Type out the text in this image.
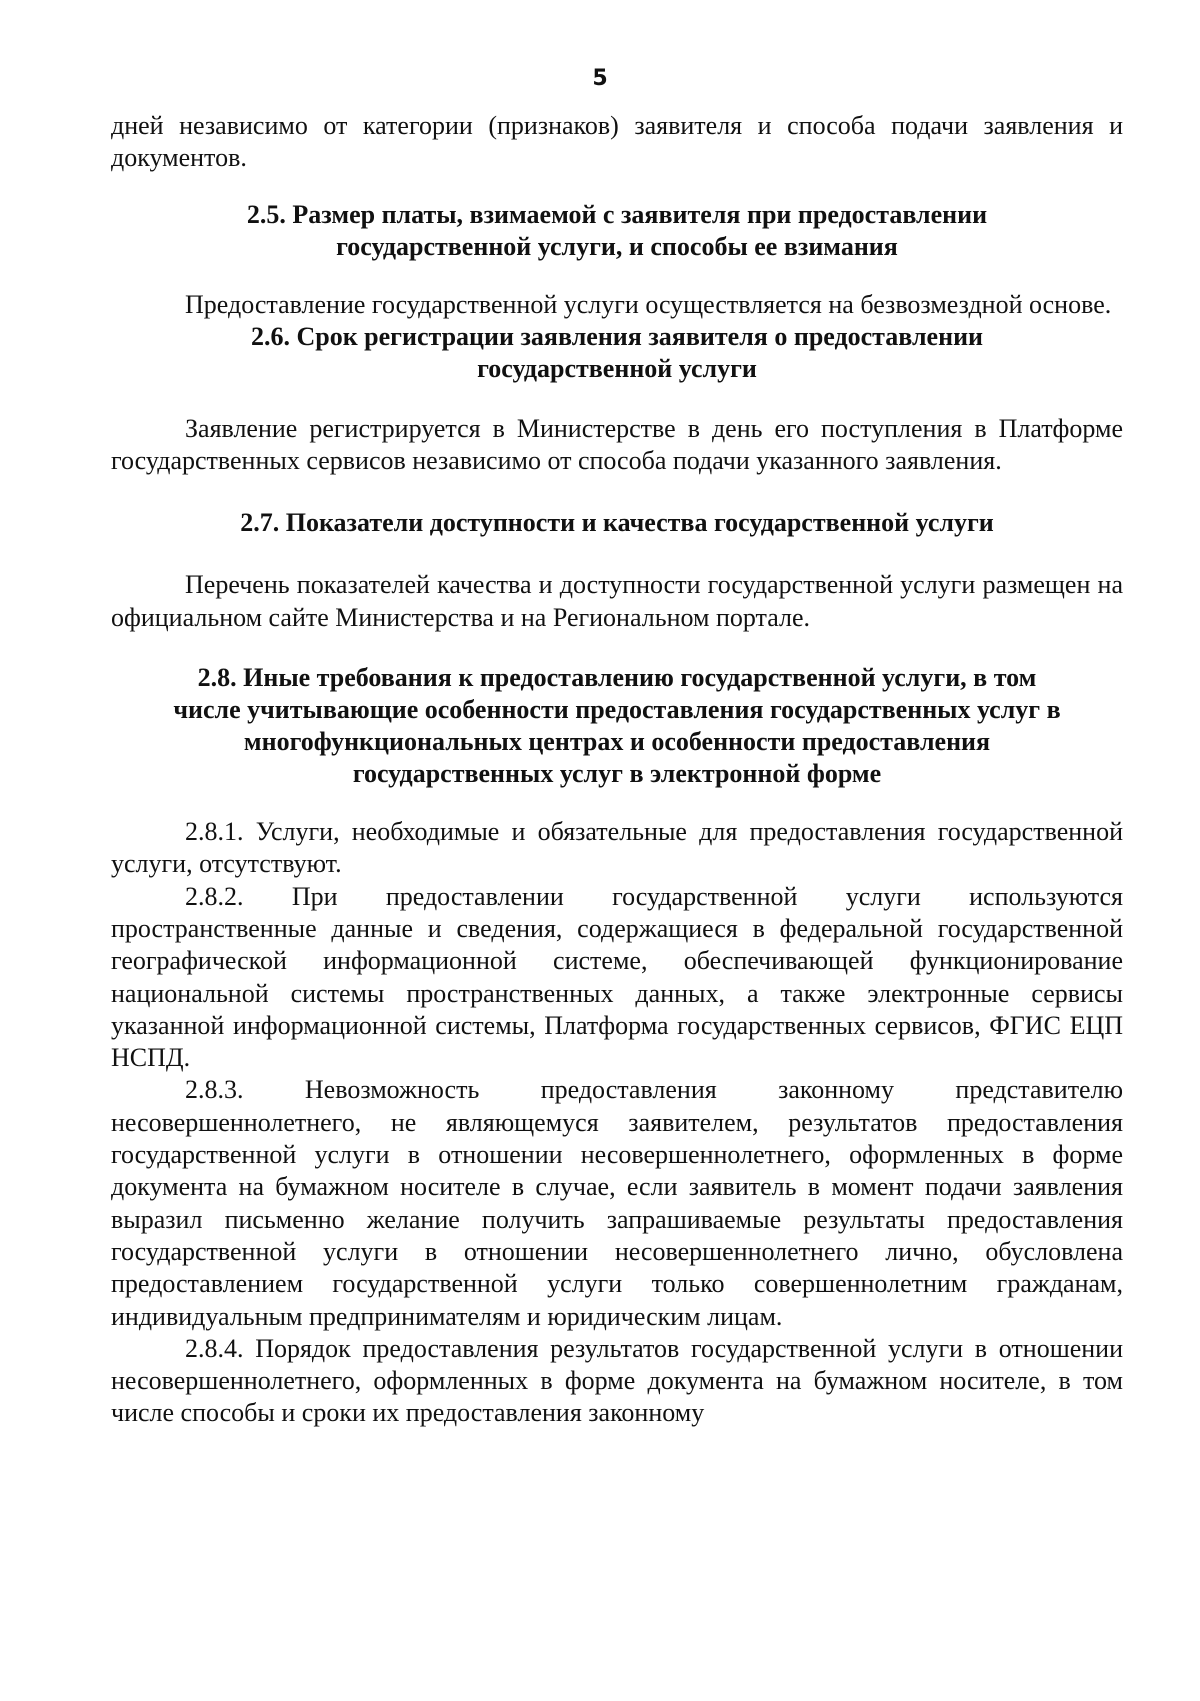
5

дней независимо от категории (признаков) заявителя и способа подачи заявления и документов.

2.5. Размер платы, взимаемой с заявителя при предоставлении
государственной услуги, и способы ее взимания

Предоставление государственной услуги осуществляется на безвозмездной основе.

2.6. Срок регистрации заявления заявителя о предоставлении
государственной услуги

Заявление регистрируется в Министерстве в день его поступления в Платформе государственных сервисов независимо от способа подачи указанного заявления.

2.7. Показатели доступности и качества государственной услуги

Перечень показателей качества и доступности государственной услуги размещен на официальном сайте Министерства и на Региональном портале.

2.8. Иные требования к предоставлению государственной услуги, в том
числе учитывающие особенности предоставления государственных услуг в
многофункциональных центрах и особенности предоставления
государственных услуг в электронной форме

2.8.1. Услуги, необходимые и обязательные для предоставления государственной услуги, отсутствуют.

2.8.2. При предоставлении государственной услуги используются пространственные данные и сведения, содержащиеся в федеральной государственной географической информационной системе, обеспечивающей функционирование национальной системы пространственных данных, а также электронные сервисы указанной информационной системы, Платформа государственных сервисов, ФГИС ЕЦП НСПД.

2.8.3. Невозможность предоставления законному представителю несовершеннолетнего, не являющемуся заявителем, результатов предоставления государственной услуги в отношении несовершеннолетнего, оформленных в форме документа на бумажном носителе в случае, если заявитель в момент подачи заявления выразил письменно желание получить запрашиваемые результаты предоставления государственной услуги в отношении несовершеннолетнего лично, обусловлена предоставлением государственной услуги только совершеннолетним гражданам, индивидуальным предпринимателям и юридическим лицам.

2.8.4. Порядок предоставления результатов государственной услуги в отношении несовершеннолетнего, оформленных в форме документа на бумажном носителе, в том числе способы и сроки их предоставления законному
